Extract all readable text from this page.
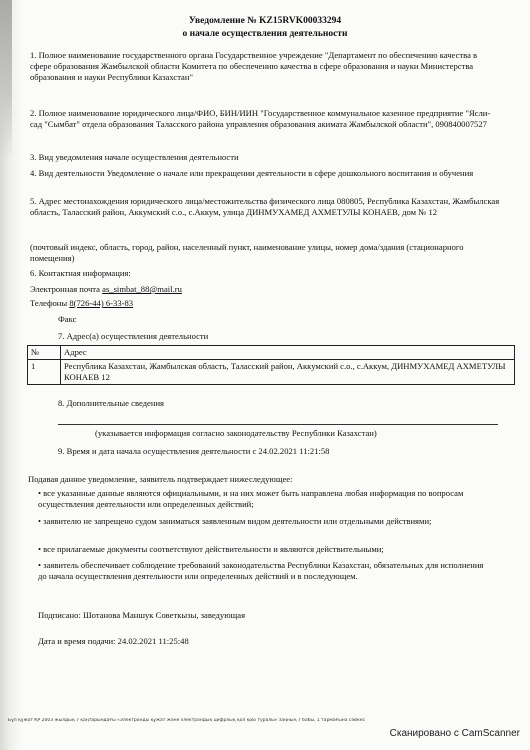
Уведомление № KZ15RVK00033294
о начале осуществления деятельности

1. Полное наименование государственного органа Государственное учреждение "Департамент по обеспечению качества в сфере образования Жамбылской области Комитета по обеспечению качества в сфере образования и науки Министерства образования и науки Республики Казахстан"

2. Полное наименование юридического лица/ФИО, БИН/ИИН "Государственное коммунальное казенное предприятие "Ясли-сад "Сымбат" отдела образования Таласского района управления образования акимата Жамбылской области", 090840007527

3. Вид уведомления начале осуществления деятельности

4. Вид деятельности Уведомление о начале или прекращении деятельности в сфере дошкольного воспитания и обучения

5. Адрес местонахождения юридического лица/местожительства физического лица 080805, Республика Казахстан, Жамбылская область, Таласский район, Аккумский с.о., с.Аккум, улица ДИНМУХАМЕД АХМЕТУЛЫ КОНАЕВ, дом № 12

(почтовый индекс, область, город, район, населенный пункт, наименование улицы, номер дома/здания (стационарного помещения)

6. Контактная информация:

Электронная почта as_simbat_88@mail.ru

Телефоны 8(726-44) 6-33-83

Факс

7. Адрес(а) осуществления деятельности

№	Адрес
1	Республика Казахстан, Жамбылская область, Таласский район, Аккумский с.о., с.Аккум, ДИНМУХАМЕД АХМЕТУЛЫ КОНАЕВ 12

8. Дополнительные сведения

(указывается информация согласно законодательству Республики Казахстан)

9. Время и дата начала осуществления деятельности с 24.02.2021 11:21:58

Подавая данное уведомление, заявитель подтверждает нижеследующее:

• все указанные данные являются официальными, и на них может быть направлена любая информация по вопросам осуществления деятельности или определенных действий;
• заявителю не запрещено судом заниматься заявленным видом деятельности или отдельными действиями;
• все прилагаемые документы соответствуют действительности и являются действительными;
• заявитель обеспечивает соблюдение требований законодательства Республики Казахстан, обязательных для исполнения до начала осуществления деятельности или определенных действий и в последующем.

Подписано: Шотанова Маншук Советкызы, заведующая

Дата и время подачи: 24.02.2021 11:25:48

Бұл құжат ҚР 2003 жылдың 7 қаңтарындағы «Электронды құжат және электрондық цифрлық қол қою туралы» заңның 7 бабы, 1 тармағына сәйкес
Сканировано с CamScanner
